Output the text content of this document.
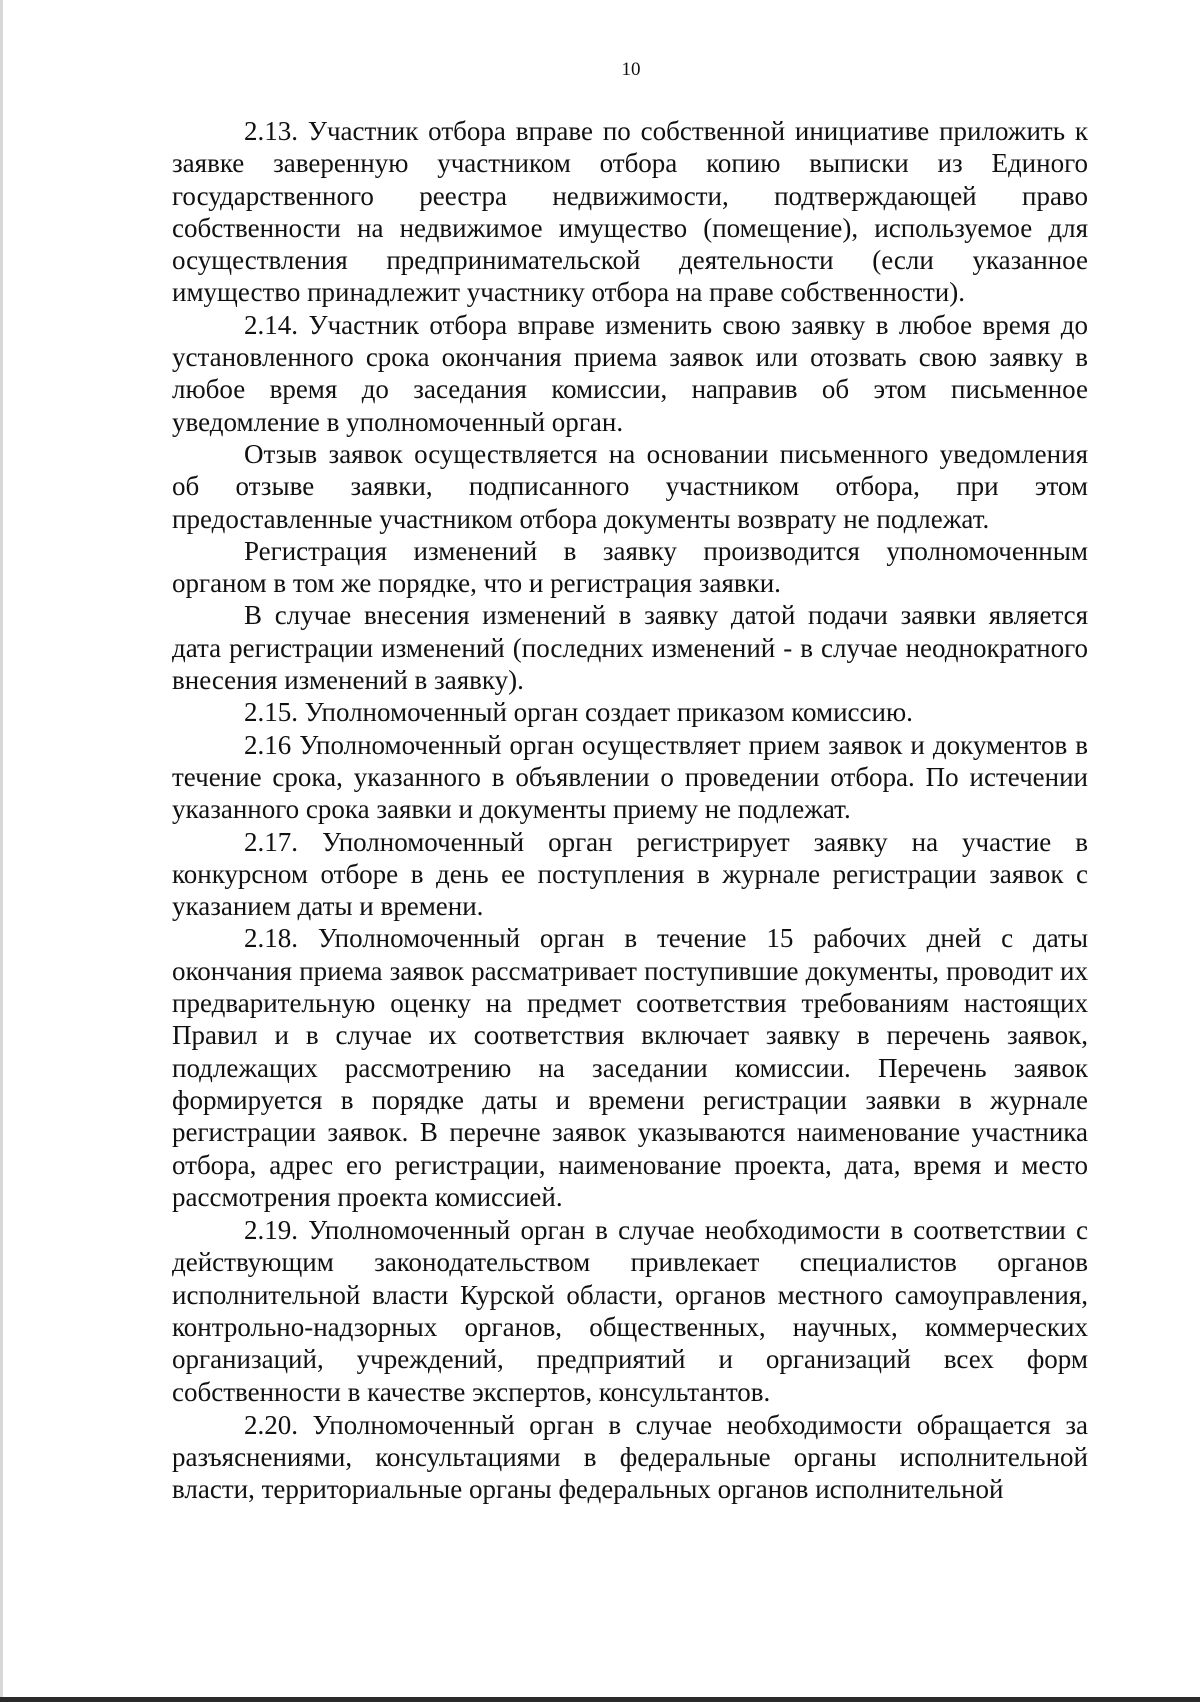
10

2.13. Участник отбора вправе по собственной инициативе приложить к заявке заверенную участником отбора копию выписки из Единого государственного реестра недвижимости, подтверждающей право собственности на недвижимое имущество (помещение), используемое для осуществления предпринимательской деятельности (если указанное имущество принадлежит участнику отбора на праве собственности).

2.14. Участник отбора вправе изменить свою заявку в любое время до установленного срока окончания приема заявок или отозвать свою заявку в любое время до заседания комиссии, направив об этом письменное уведомление в уполномоченный орган.

Отзыв заявок осуществляется на основании письменного уведомления об отзыве заявки, подписанного участником отбора, при этом предоставленные участником отбора документы возврату не подлежат.

Регистрация изменений в заявку производится уполномоченным органом в том же порядке, что и регистрация заявки.

В случае внесения изменений в заявку датой подачи заявки является дата регистрации изменений (последних изменений - в случае неоднократного внесения изменений в заявку).

2.15. Уполномоченный орган создает приказом комиссию.

2.16 Уполномоченный орган осуществляет прием заявок и документов в течение срока, указанного в объявлении о проведении отбора. По истечении указанного срока заявки и документы приему не подлежат.

2.17. Уполномоченный орган регистрирует заявку на участие в конкурсном отборе в день ее поступления в журнале регистрации заявок с указанием даты и времени.

2.18. Уполномоченный орган в течение 15 рабочих дней с даты окончания приема заявок рассматривает поступившие документы, проводит их предварительную оценку на предмет соответствия требованиям настоящих Правил и в случае их соответствия включает заявку в перечень заявок, подлежащих рассмотрению на заседании комиссии. Перечень заявок формируется в порядке даты и времени регистрации заявки в журнале регистрации заявок. В перечне заявок указываются наименование участника отбора, адрес его регистрации, наименование проекта, дата, время и место рассмотрения проекта комиссией.

2.19. Уполномоченный орган в случае необходимости в соответствии с действующим законодательством привлекает специалистов органов исполнительной власти Курской области, органов местного самоуправления, контрольно-надзорных органов, общественных, научных, коммерческих организаций, учреждений, предприятий и организаций всех форм собственности в качестве экспертов, консультантов.

2.20. Уполномоченный орган в случае необходимости обращается за разъяснениями, консультациями в федеральные органы исполнительной власти, территориальные органы федеральных органов исполнительной
